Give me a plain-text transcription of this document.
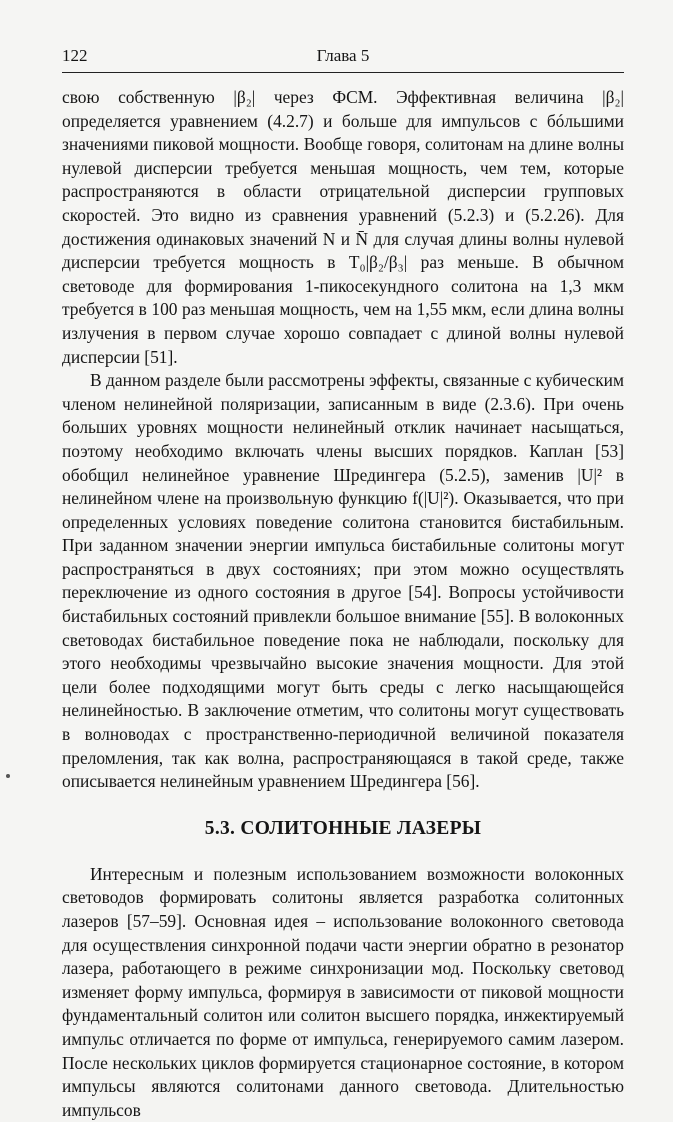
122	Глава 5

свою собственную |β₂| через ФСМ. Эффективная величина |β₂| определяется уравнением (4.2.7) и больше для импульсов с бóльшими значениями пиковой мощности. Вообще говоря, солитонам на длине волны нулевой дисперсии требуется меньшая мощность, чем тем, которые распространяются в области отрицательной дисперсии групповых скоростей. Это видно из сравнения уравнений (5.2.3) и (5.2.26). Для достижения одинаковых значений N и N̄ для случая длины волны нулевой дисперсии требуется мощность в T₀|β₂/β₃| раз меньше. В обычном световоде для формирования 1-пикосекундного солитона на 1,3 мкм требуется в 100 раз меньшая мощность, чем на 1,55 мкм, если длина волны излучения в первом случае хорошо совпадает с длиной волны нулевой дисперсии [51].

В данном разделе были рассмотрены эффекты, связанные с кубическим членом нелинейной поляризации, записанным в виде (2.3.6). При очень больших уровнях мощности нелинейный отклик начинает насыщаться, поэтому необходимо включать члены высших порядков. Каплан [53] обобщил нелинейное уравнение Шредингера (5.2.5), заменив |U|² в нелинейном члене на произвольную функцию f(|U|²). Оказывается, что при определенных условиях поведение солитона становится бистабильным. При заданном значении энергии импульса бистабильные солитоны могут распространяться в двух состояниях; при этом можно осуществлять переключение из одного состояния в другое [54]. Вопросы устойчивости бистабильных состояний привлекли большое внимание [55]. В волоконных световодах бистабильное поведение пока не наблюдали, поскольку для этого необходимы чрезвычайно высокие значения мощности. Для этой цели более подходящими могут быть среды с легко насыщающейся нелинейностью. В заключение отметим, что солитоны могут существовать в волноводах с пространственно-периодичной величиной показателя преломления, так как волна, распространяющаяся в такой среде, также описывается нелинейным уравнением Шредингера [56].

5.3. СОЛИТОННЫЕ ЛАЗЕРЫ

Интересным и полезным использованием возможности волоконных световодов формировать солитоны является разработка солитонных лазеров [57–59]. Основная идея – использование волоконного световода для осуществления синхронной подачи части энергии обратно в резонатор лазера, работающего в режиме синхронизации мод. Поскольку световод изменяет форму импульса, формируя в зависимости от пиковой мощности фундаментальный солитон или солитон высшего порядка, инжектируемый импульс отличается по форме от импульса, генерируемого самим лазером. После нескольких циклов формируется стационарное состояние, в котором импульсы являются солитонами данного световода. Длительностью импульсов
